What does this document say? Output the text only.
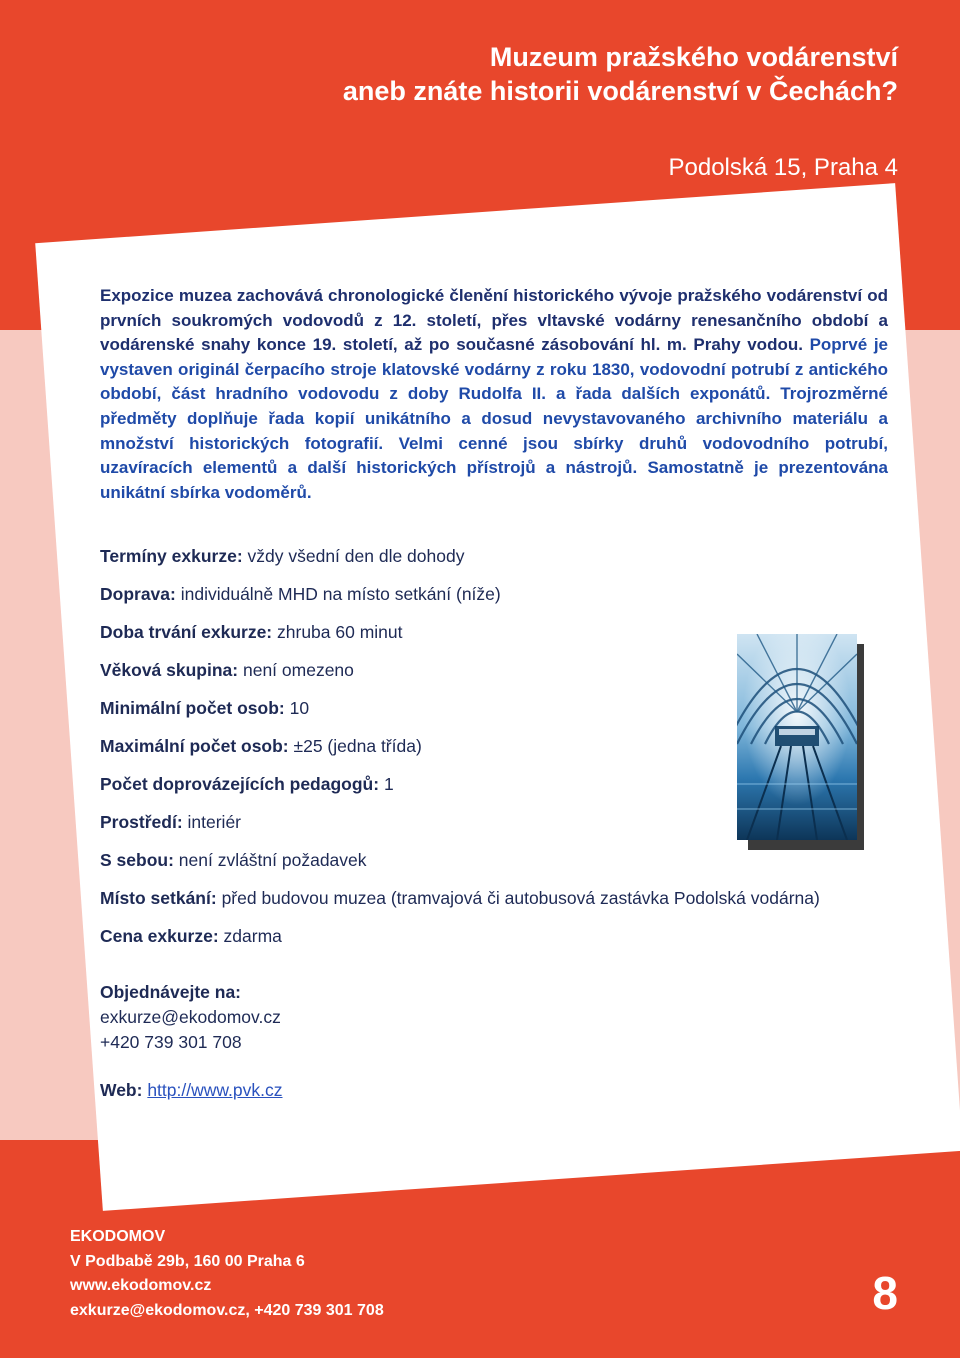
Muzeum pražského vodárenství
aneb znáte historii vodárenství v Čechách?
Podolská 15, Praha 4

Expozice muzea zachovává chronologické členění historického vývoje pražského vodárenství od prvních soukromých vodovodů z 12. století, přes vltavské vodárny renesančního období a vodárenské snahy konce 19. století, až po současné zásobování hl. m. Prahy vodou. Poprvé je vystaven originál čerpacího stroje klatovské vodárny z roku 1830, vodovodní potrubí z antického období, část hradního vodovodu z doby Rudolfa II. a řada dalších exponátů. Trojrozměrné předměty doplňuje řada kopií unikátního a dosud nevystavovaného archivního materiálu a množství historických fotografií. Velmi cenné jsou sbírky druhů vodovodního potrubí, uzavíracích elementů a další historických přístrojů a nástrojů. Samostatně je prezentována unikátní sbírka vodoměrů.

Termíny exkurze: vždy všední den dle dohody
Doprava: individuálně MHD na místo setkání (níže)
Doba trvání exkurze: zhruba 60 minut
Věková skupina: není omezeno
Minimální počet osob: 10
Maximální počet osob: ±25 (jedna třída)
Počet doprovázejících pedagogů: 1
Prostředí: interiér
S sebou: není zvláštní požadavek
Místo setkání: před budovou muzea (tramvajová či autobusová zastávka Podolská vodárna)
Cena exkurze: zdarma
Objednávejte na:
exkurze@ekodomov.cz
+420 739 301 708
Web: http://www.pvk.cz
EKODOMOV
V Podbabě 29b, 160 00 Praha 6
www.ekodomov.cz
exkurze@ekodomov.cz, +420 739 301 708	8
